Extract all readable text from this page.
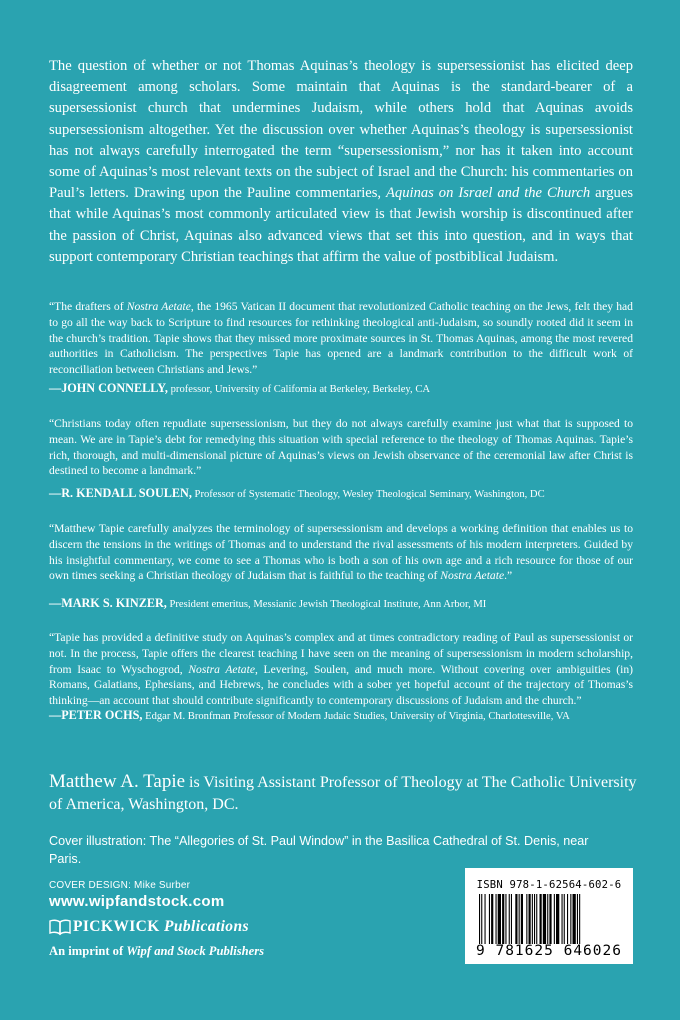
The question of whether or not Thomas Aquinas’s theology is supersessionist has elicited deep disagreement among scholars. Some maintain that Aquinas is the standard-bearer of a supersessionist church that undermines Judaism, while others hold that Aquinas avoids supersessionism altogether. Yet the discussion over whether Aquinas’s theology is supersessionist has not always carefully interrogated the term “supersessionism,” nor has it taken into account some of Aquinas’s most relevant texts on the subject of Israel and the Church: his commentaries on Paul’s letters. Drawing upon the Pauline commentaries, Aquinas on Israel and the Church argues that while Aquinas’s most commonly articulated view is that Jewish worship is discontinued after the passion of Christ, Aquinas also advanced views that set this into question, and in ways that support contemporary Christian teachings that affirm the value of postbiblical Judaism.

“The drafters of Nostra Aetate, the 1965 Vatican II document that revolutionized Catholic teaching on the Jews, felt they had to go all the way back to Scripture to find resources for rethinking theological anti-Judaism, so soundly rooted did it seem in the church’s tradition. Tapie shows that they missed more proximate sources in St. Thomas Aquinas, among the most revered authorities in Catholicism. The perspectives Tapie has opened are a landmark contribution to the difficult work of reconciliation between Christians and Jews.”

—JOHN CONNELLY, professor, University of California at Berkeley, Berkeley, CA

“Christians today often repudiate supersessionism, but they do not always carefully examine just what that is supposed to mean. We are in Tapie’s debt for remedying this situation with special reference to the theology of Thomas Aquinas. Tapie’s rich, thorough, and multi-dimensional picture of Aquinas’s views on Jewish observance of the ceremonial law after Christ is destined to become a landmark.”

—R. KENDALL SOULEN, Professor of Systematic Theology, Wesley Theological Seminary, Washington, DC

“Matthew Tapie carefully analyzes the terminology of supersessionism and develops a working definition that enables us to discern the tensions in the writings of Thomas and to understand the rival assessments of his modern interpreters. Guided by his insightful commentary, we come to see a Thomas who is both a son of his own age and a rich resource for those of our own times seeking a Christian theology of Judaism that is faithful to the teaching of Nostra Aetate.”

—MARK S. KINZER, President emeritus, Messianic Jewish Theological Institute, Ann Arbor, MI

“Tapie has provided a definitive study on Aquinas’s complex and at times contradictory reading of Paul as supersessionist or not. In the process, Tapie offers the clearest teaching I have seen on the meaning of supersessionism in modern scholarship, from Isaac to Wyschogrod, Nostra Aetate, Levering, Soulen, and much more. Without covering over ambiguities (in) Romans, Galatians, Ephesians, and Hebrews, he concludes with a sober yet hopeful account of the trajectory of Thomas’s thinking—an account that should contribute significantly to contemporary discussions of Judaism and the church.”

—PETER OCHS, Edgar M. Bronfman Professor of Modern Judaic Studies, University of Virginia, Charlottesville, VA

Matthew A. Tapie is Visiting Assistant Professor of Theology at The Catholic University of America, Washington, DC.

Cover illustration: The “Allegories of St. Paul Window” in the Basilica Cathedral of St. Denis, near Paris.

COVER DESIGN: Mike Surber
www.wipfandstock.com
PICKWICK Publications
An imprint of Wipf and Stock Publishers
ISBN 978-1-62564-602-6
9 781625 646026
